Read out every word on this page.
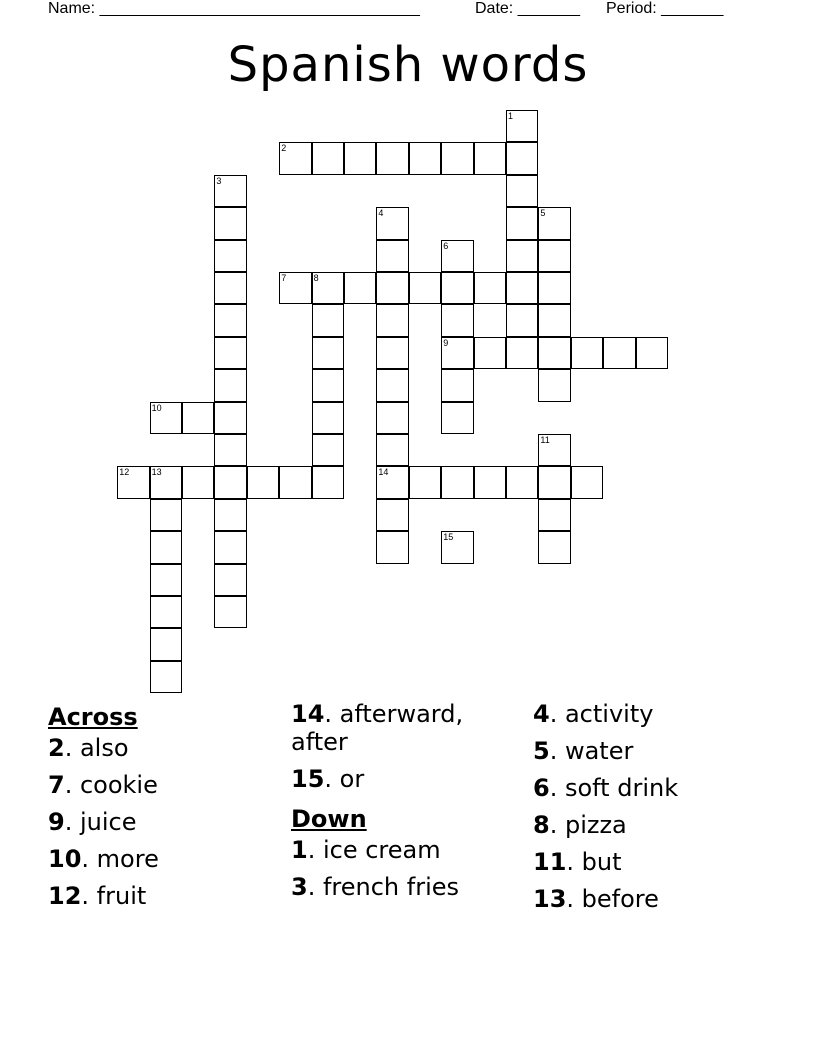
Name: ____________________________________	Date: _______ Period: _______
Spanish words
1
2
3
4
14
5
6
9
7	8
10
11
12 13
15
Across
2. also
7. cookie
9. juice
10. more
12. fruit
14. afterward, after
15. or
Down
1. ice cream
3. french fries
4. activity
5. water
6. soft drink
8. pizza
11. but
13. before
